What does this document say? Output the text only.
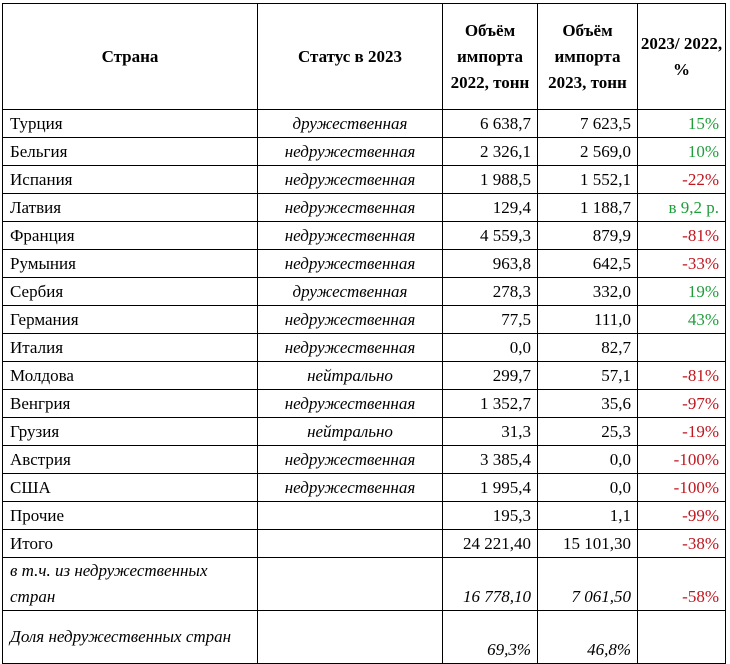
Страна	Статус в 2023	Объём импорта 2022, тонн	Объём импорта 2023, тонн	2023/ 2022, %
Турция	дружественная	6 638,7	7 623,5	15%
Бельгия	недружественная	2 326,1	2 569,0	10%
Испания	недружественная	1 988,5	1 552,1	-22%
Латвия	недружественная	129,4	1 188,7	в 9,2 р.
Франция	недружественная	4 559,3	879,9	-81%
Румыния	недружественная	963,8	642,5	-33%
Сербия	дружественная	278,3	332,0	19%
Германия	недружественная	77,5	111,0	43%
Италия	недружественная	0,0	82,7	
Молдова	нейтрально	299,7	57,1	-81%
Венгрия	недружественная	1 352,7	35,6	-97%
Грузия	нейтрально	31,3	25,3	-19%
Австрия	недружественная	3 385,4	0,0	-100%
США	недружественная	1 995,4	0,0	-100%
Прочие		195,3	1,1	-99%
Итого		24 221,40	15 101,30	-38%
в т.ч. из недружественных стран		16 778,10	7 061,50	-58%
Доля недружественных стран		69,3%	46,8%	
